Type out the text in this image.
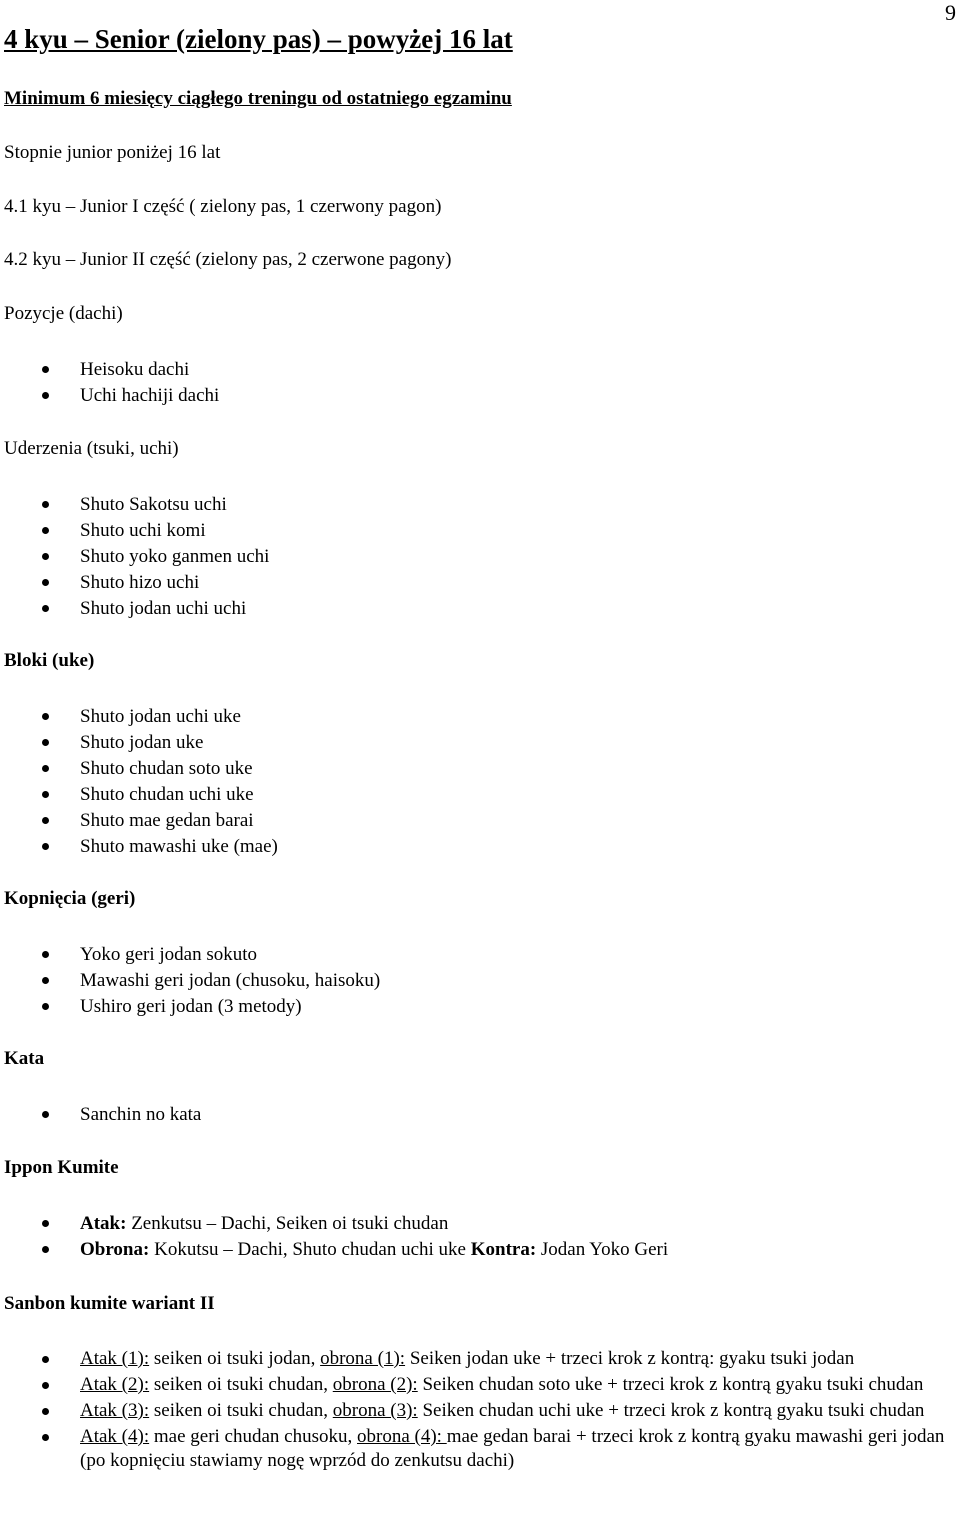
9
4 kyu – Senior (zielony pas) – powyżej 16 lat
Minimum 6 miesięcy ciągłego treningu od ostatniego egzaminu
Stopnie junior poniżej 16 lat
4.1 kyu – Junior I część ( zielony pas, 1 czerwony pagon)
4.2 kyu – Junior II część (zielony pas, 2 czerwone pagony)
Pozycje (dachi)
Heisoku dachi
Uchi hachiji dachi
Uderzenia (tsuki, uchi)
Shuto Sakotsu uchi
Shuto uchi komi
Shuto yoko ganmen uchi
Shuto hizo uchi
Shuto jodan uchi uchi
Bloki (uke)
Shuto jodan uchi uke
Shuto jodan uke
Shuto chudan soto uke
Shuto chudan uchi uke
Shuto mae gedan barai
Shuto mawashi uke (mae)
Kopnięcia (geri)
Yoko geri jodan sokuto
Mawashi geri jodan (chusoku, haisoku)
Ushiro geri jodan (3 metody)
Kata
Sanchin no kata
Ippon Kumite
Atak: Zenkutsu – Dachi, Seiken oi tsuki chudan
Obrona: Kokutsu – Dachi, Shuto chudan uchi uke Kontra: Jodan Yoko Geri
Sanbon kumite wariant II
Atak (1): seiken oi tsuki jodan, obrona (1): Seiken jodan uke + trzeci krok z kontrą: gyaku tsuki jodan
Atak (2): seiken oi tsuki chudan, obrona (2): Seiken chudan soto uke + trzeci krok z kontrą gyaku tsuki chudan
Atak (3): seiken oi tsuki chudan, obrona (3): Seiken chudan uchi uke + trzeci krok z kontrą gyaku tsuki chudan
Atak (4): mae geri chudan chusoku, obrona (4): mae gedan barai + trzeci krok z kontrą gyaku mawashi geri jodan (po kopnięciu stawiamy nogę wprzód do zenkutsu dachi)
